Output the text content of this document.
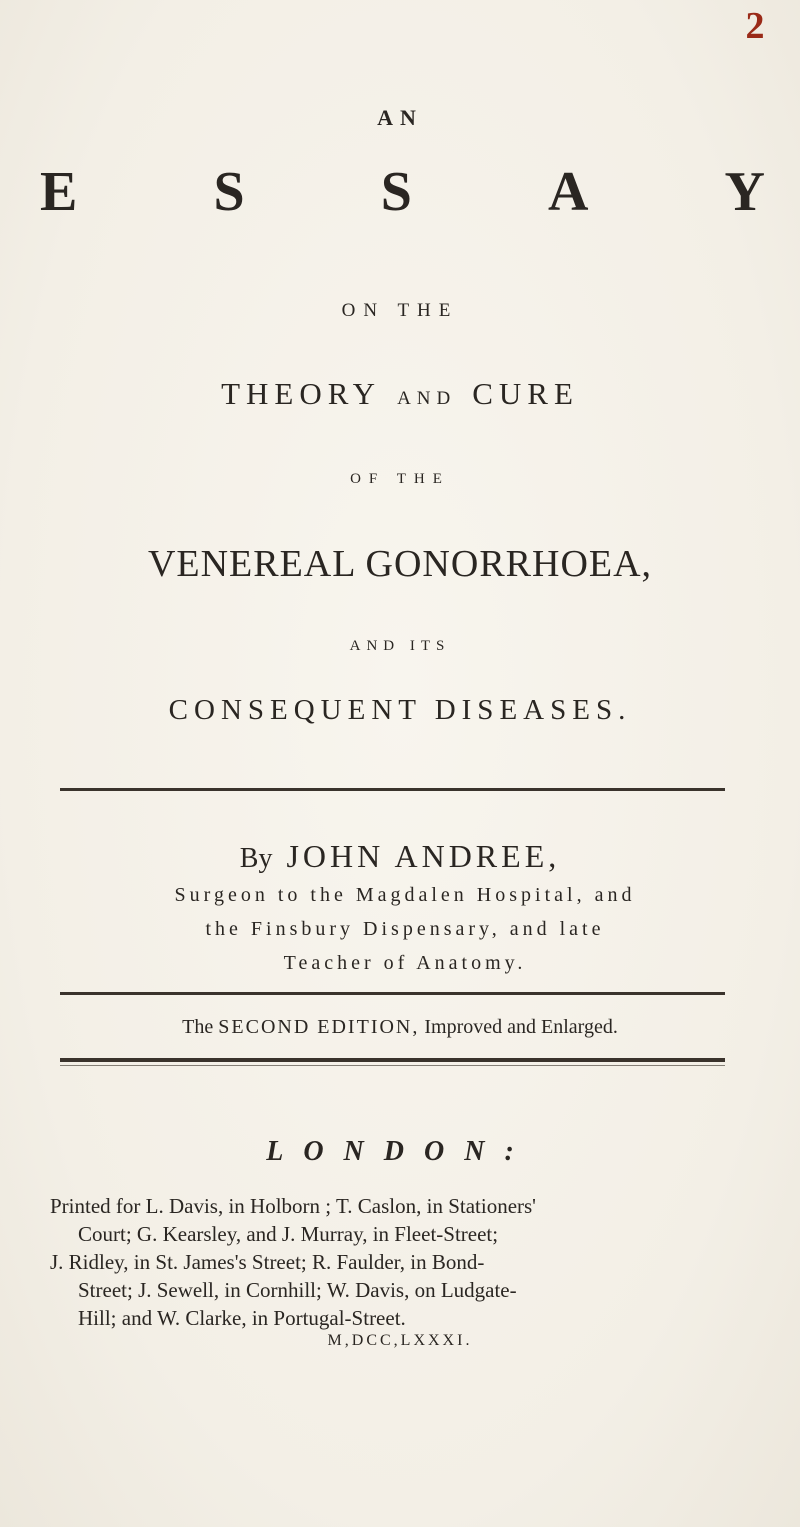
2
AN
E S S A Y
ON THE
THEORY AND CURE
OF THE
VENEREAL GONORRHOEA,
AND ITS
CONSEQUENT DISEASES.
By JOHN ANDREE,
Surgeon to the Magdalen Hospital, and
the Finsbury Dispensary, and late
Teacher of Anatomy.
The SECOND EDITION, Improved and Enlarged.
LONDON:

Printed for L. Davis, in Holborn ; T. Caslon, in Stationers'

Court; G. Kearsley, and J. Murray, in Fleet-Street;

J. Ridley, in St. James's Street; R. Faulder, in Bond-

Street; J. Sewell, in Cornhill; W. Davis, on Ludgate-

Hill; and W. Clarke, in Portugal-Street.

M,DCC,LXXXI.
